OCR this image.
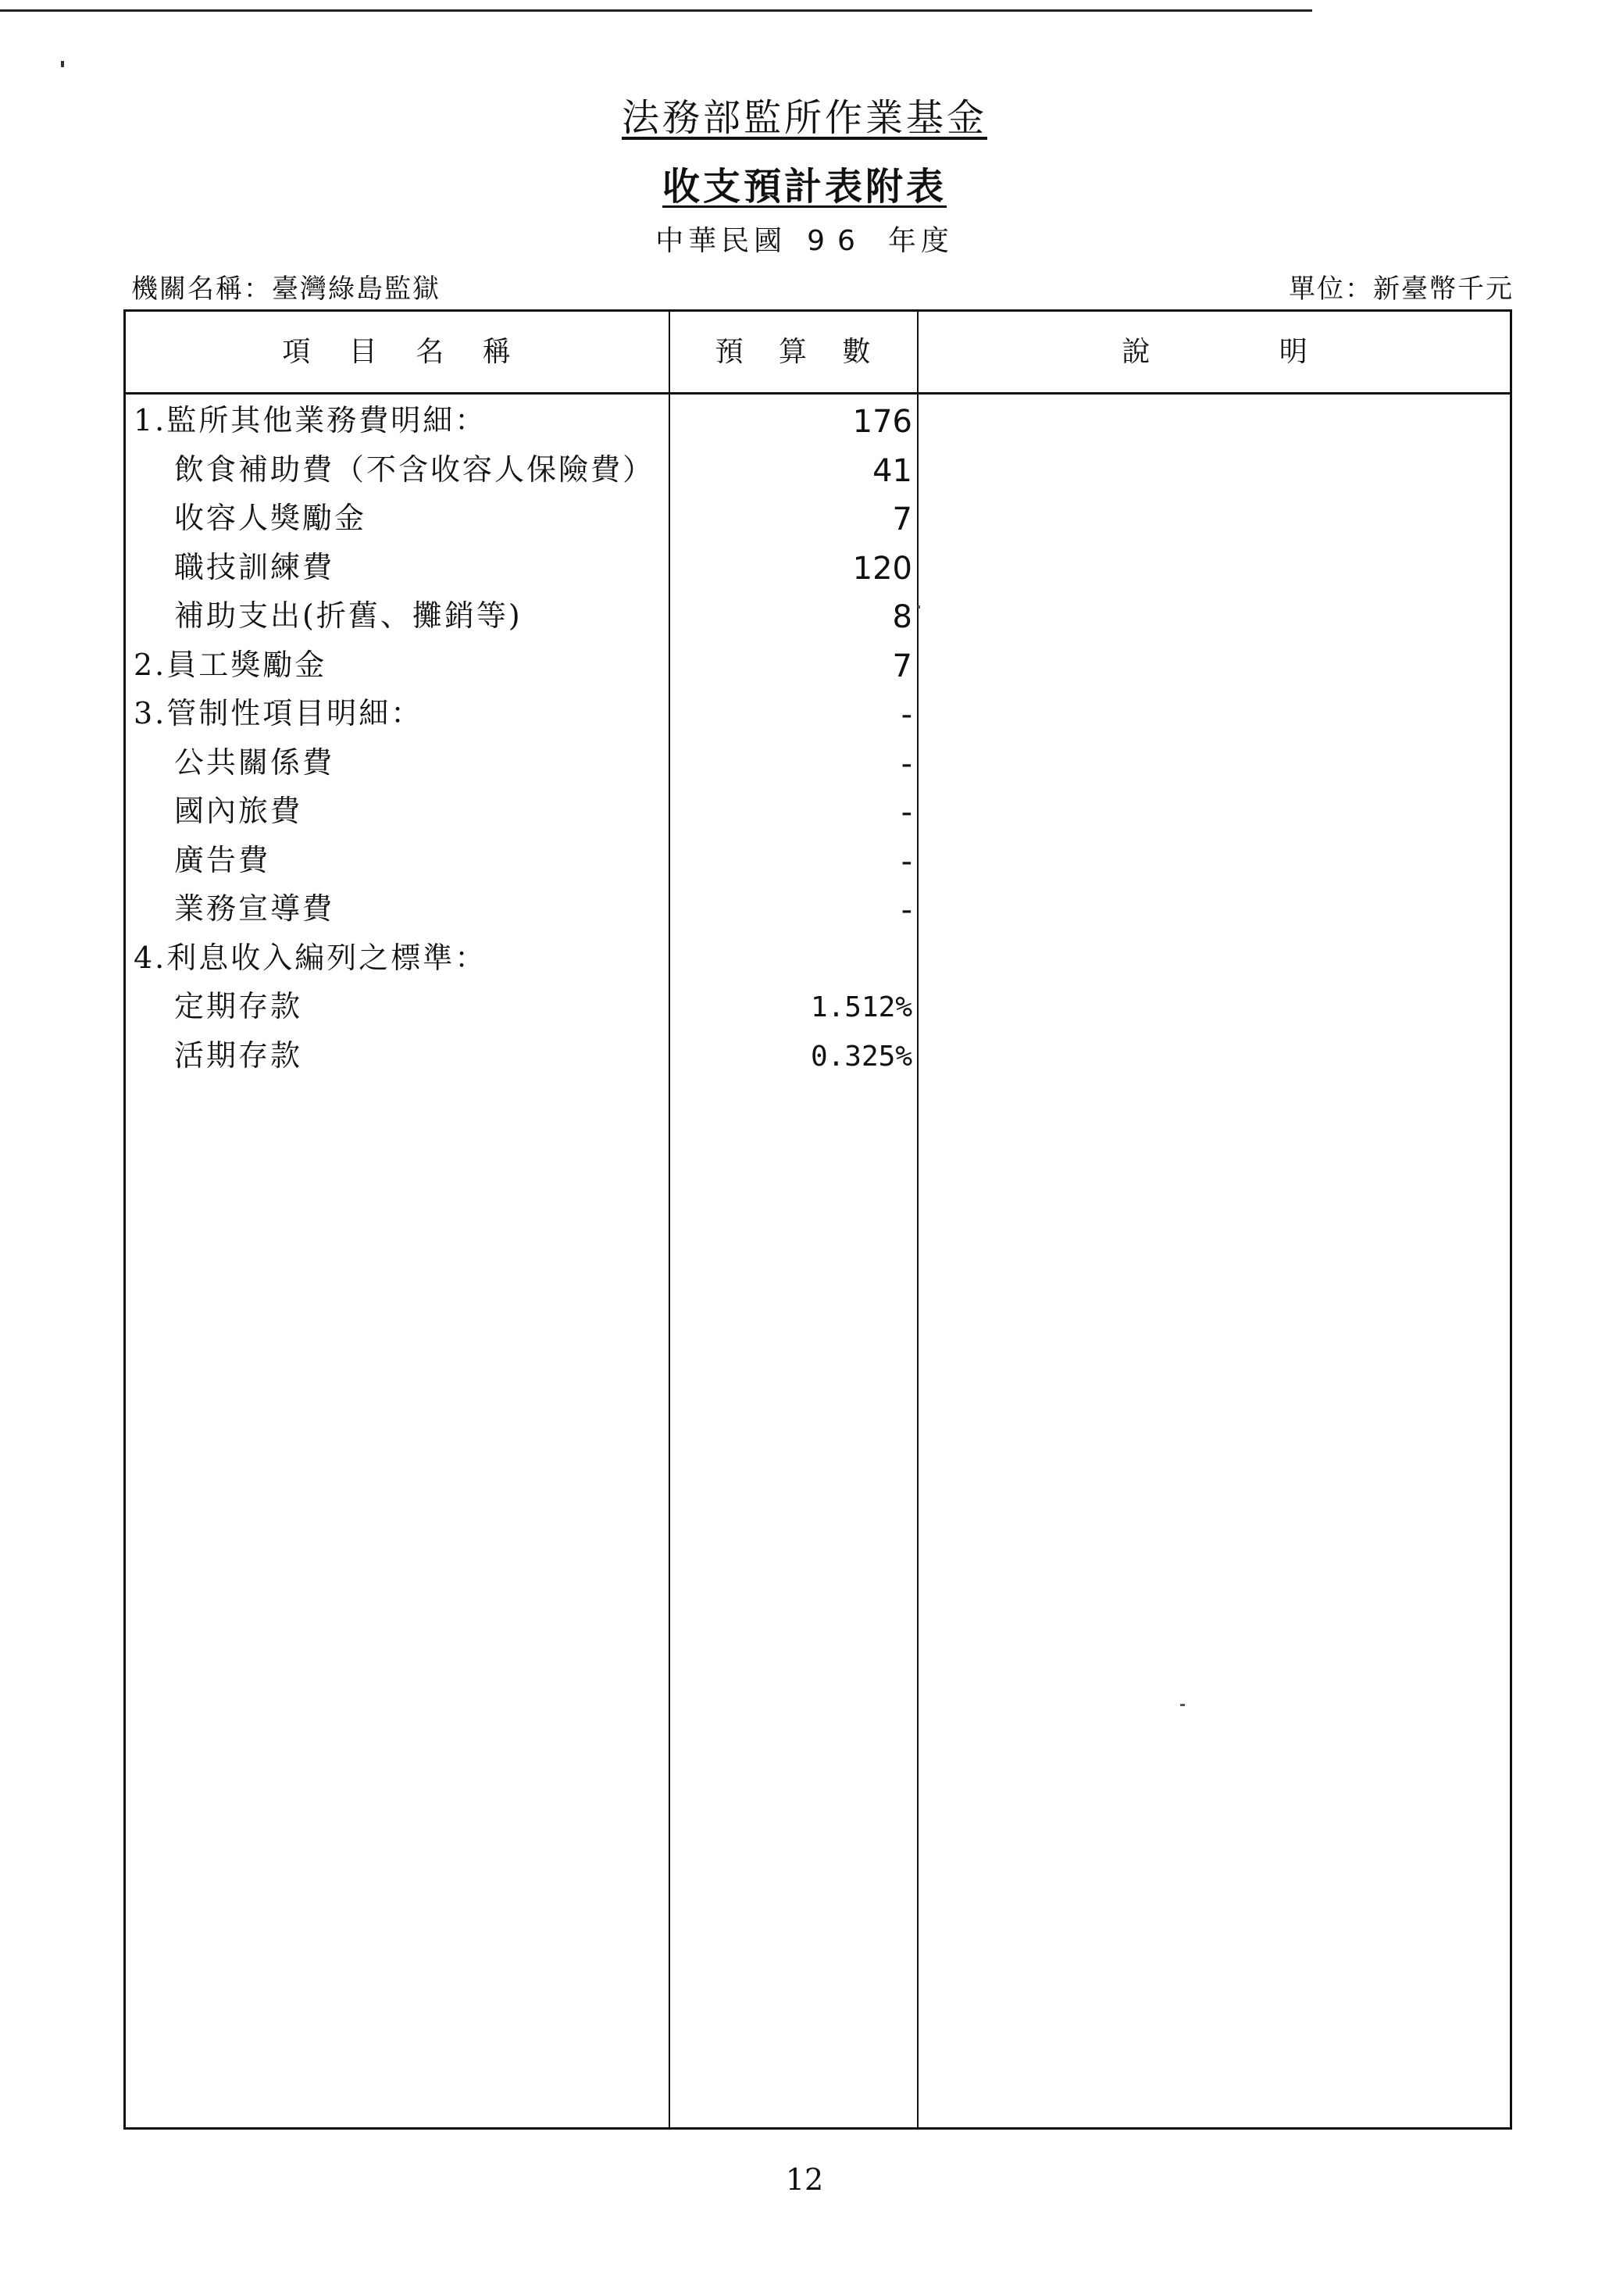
法務部監所作業基金
收支預計表附表
中華民國 96 年度
機關名稱：臺灣綠島監獄	單位：新臺幣千元
項 目 名 稱	預 算 數	說 明
1.監所其他業務費明細：	176
飲食補助費（不含收容人保險費）	41
收容人獎勵金	7
職技訓練費	120
補助支出(折舊、攤銷等)	8
2.員工獎勵金	7
3.管制性項目明細：	-
公共關係費	-
國內旅費	-
廣告費	-
業務宣導費	-
4.利息收入編列之標準：
定期存款	1.512%
活期存款	0.325%
12
